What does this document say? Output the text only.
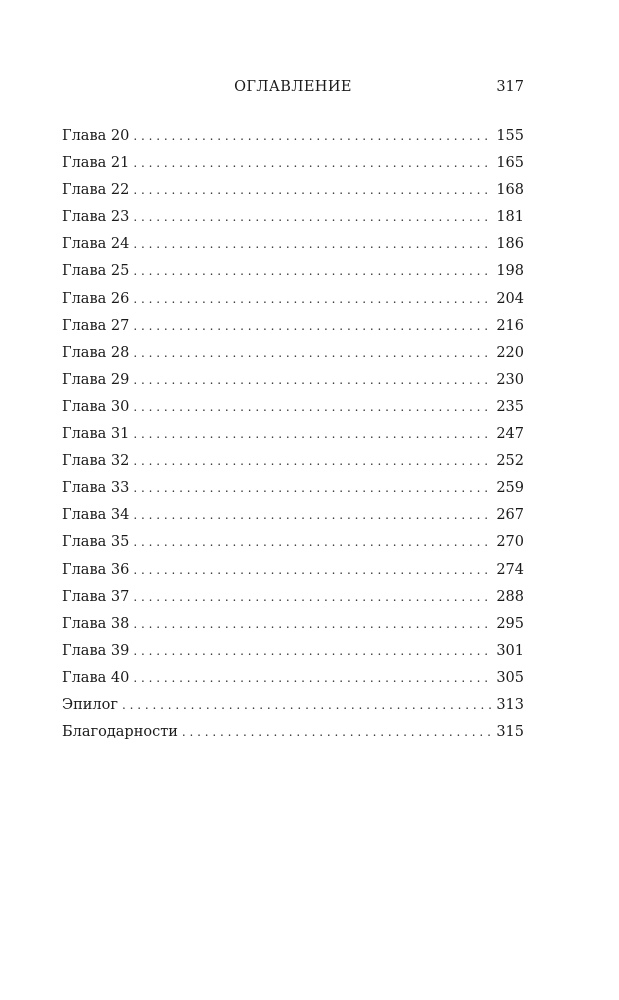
ОГЛАВЛЕНИЕ	317
Глава 20 . . .	155
Глава 21 . . .	165
Глава 22 . . .	168
Глава 23 . . .	181
Глава 24 . . .	186
Глава 25 . . .	198
Глава 26 . . .	204
Глава 27 . . .	216
Глава 28 . . .	220
Глава 29 . . .	230
Глава 30 . . .	235
Глава 31 . . .	247
Глава 32 . . .	252
Глава 33 . . .	259
Глава 34 . . .	267
Глава 35 . . .	270
Глава 36 . . .	274
Глава 37 . . .	288
Глава 38 . . .	295
Глава 39 . . .	301
Глава 40 . . .	305
Эпилог . . .	313
Благодарности . . .	315
